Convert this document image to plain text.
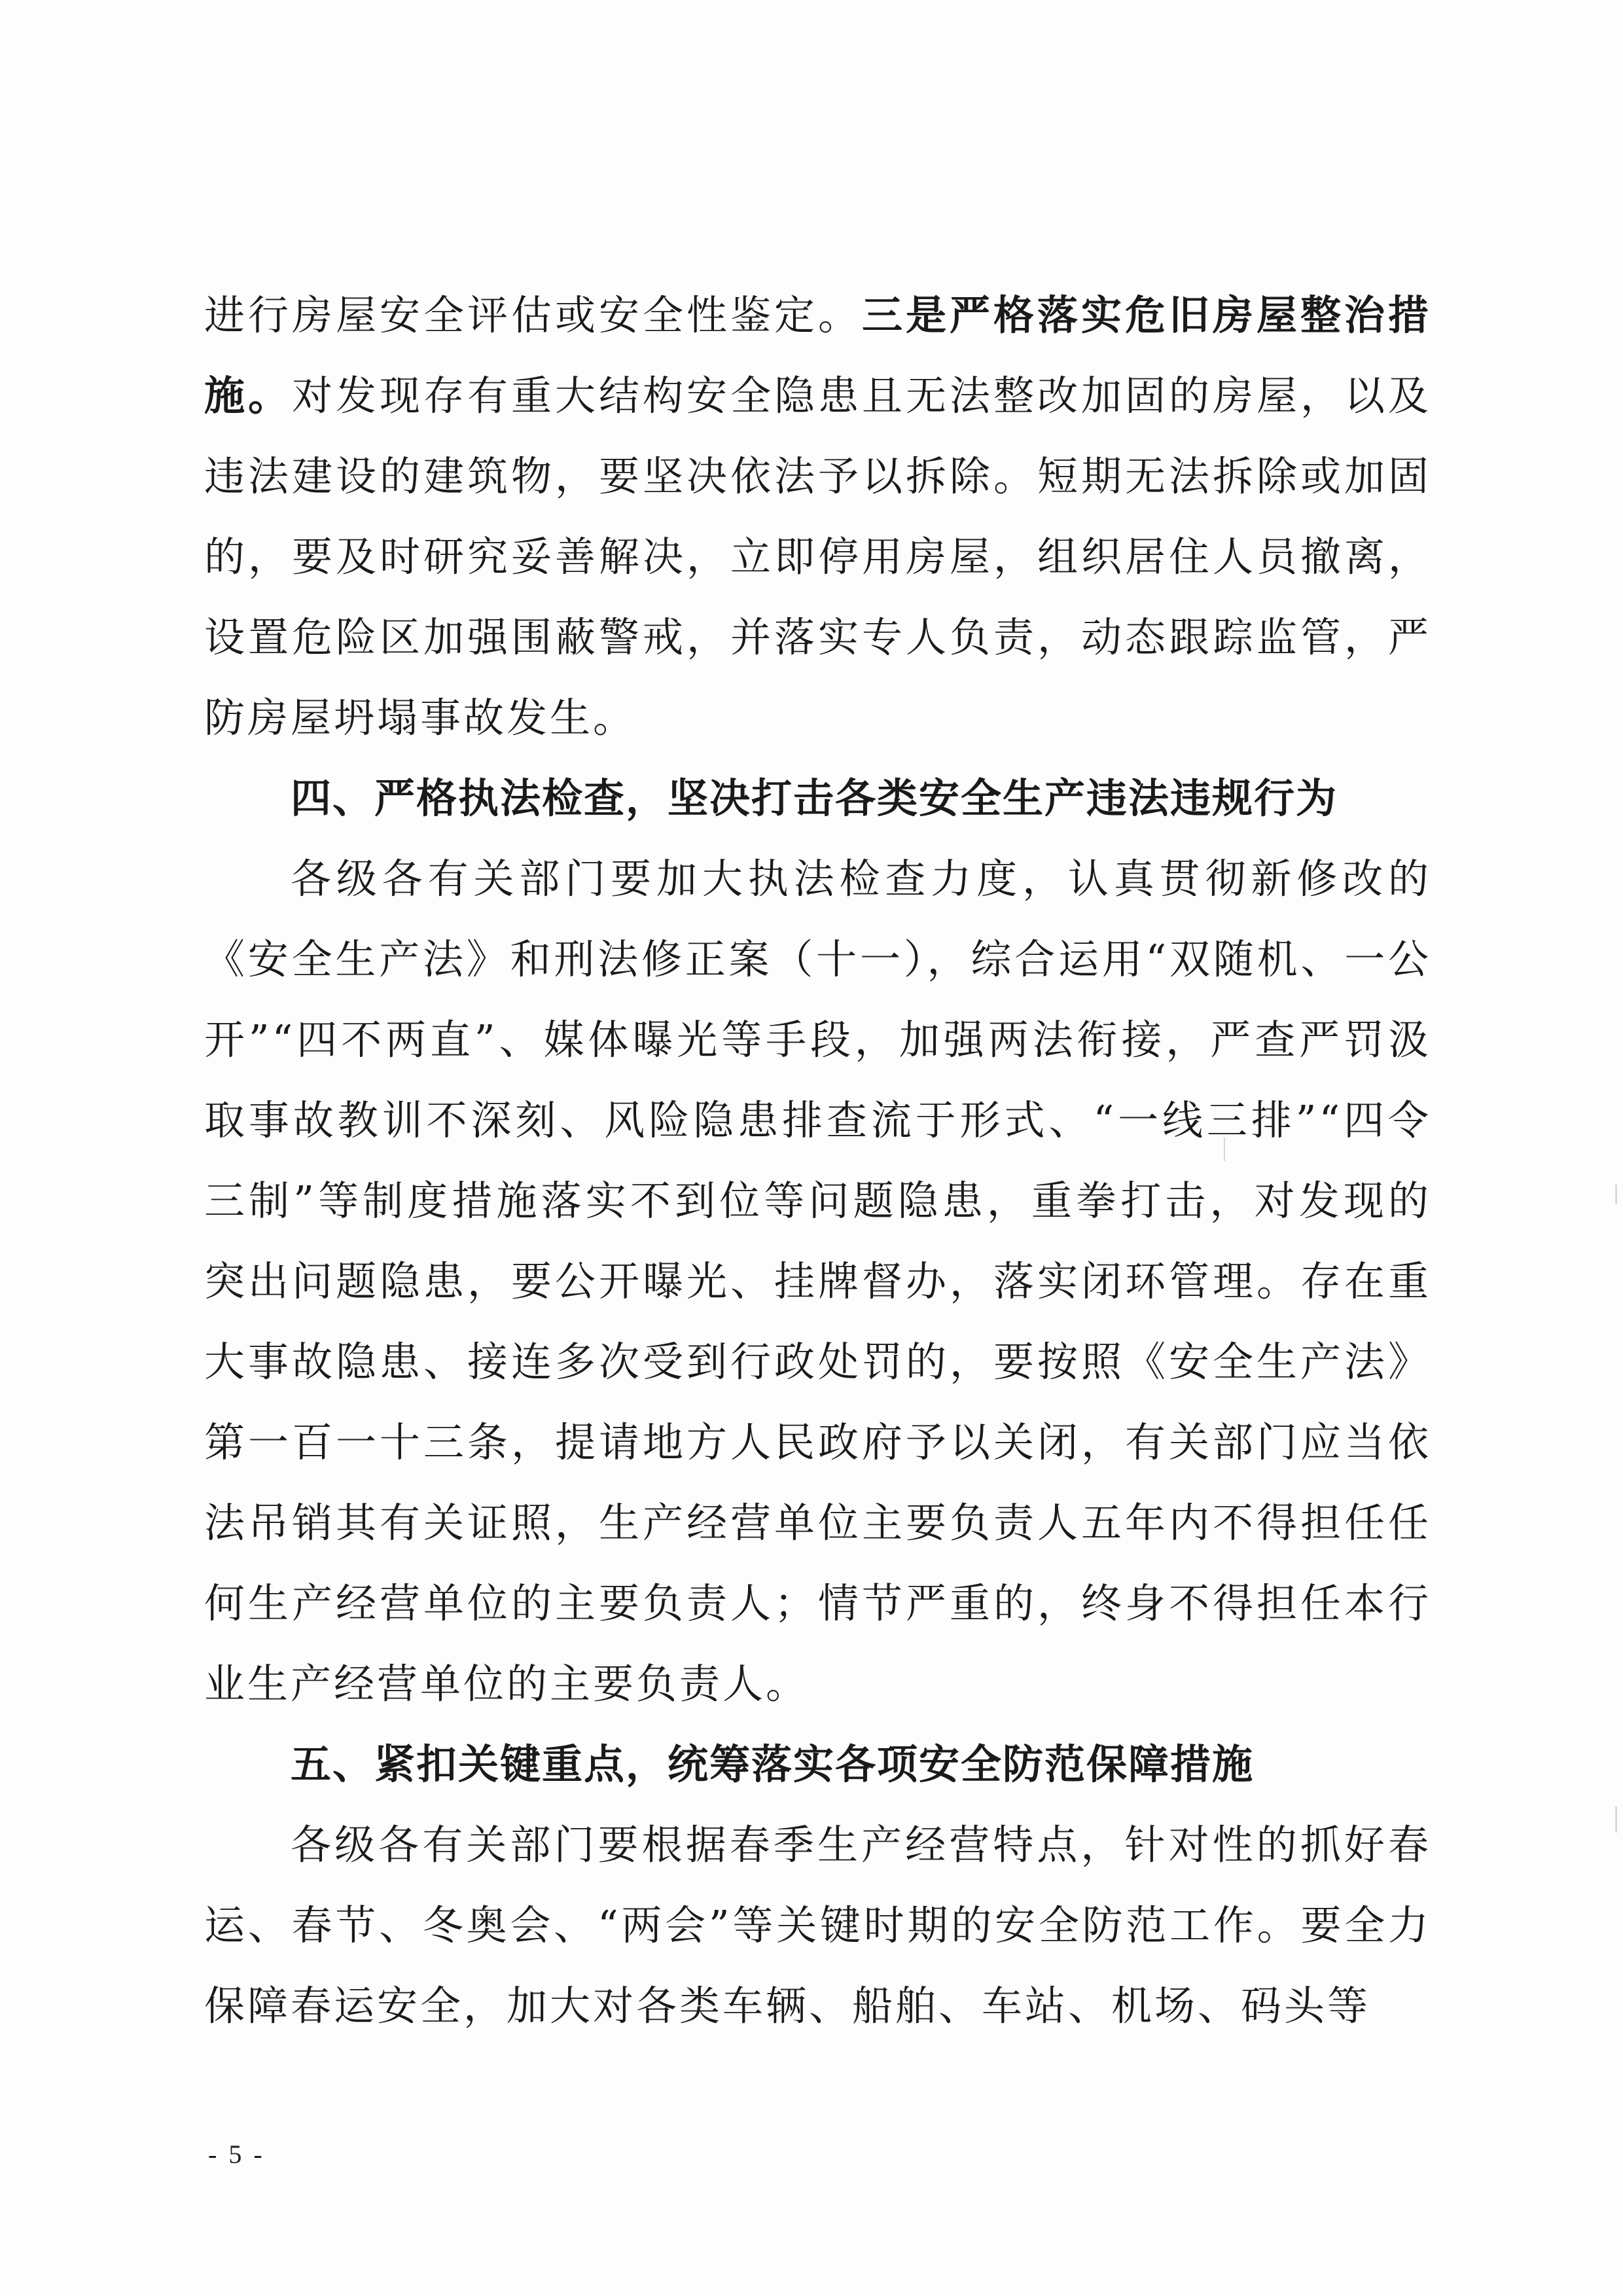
进行房屋安全评估或安全性鉴定。三是严格落实危旧房屋整治措施。对发现存有重大结构安全隐患且无法整改加固的房屋，以及违法建设的建筑物，要坚决依法予以拆除。短期无法拆除或加固的，要及时研究妥善解决，立即停用房屋，组织居住人员撤离，设置危险区加强围蔽警戒，并落实专人负责，动态跟踪监管，严防房屋坍塌事故发生。

四、严格执法检查，坚决打击各类安全生产违法违规行为

各级各有关部门要加大执法检查力度，认真贯彻新修改的《安全生产法》和刑法修正案（十一），综合运用“双随机、一公开”“四不两直”、媒体曝光等手段，加强两法衔接，严查严罚汲取事故教训不深刻、风险隐患排查流于形式、“一线三排”“四令三制”等制度措施落实不到位等问题隐患，重拳打击，对发现的突出问题隐患，要公开曝光、挂牌督办，落实闭环管理。存在重大事故隐患、接连多次受到行政处罚的，要按照《安全生产法》第一百一十三条，提请地方人民政府予以关闭，有关部门应当依法吊销其有关证照，生产经营单位主要负责人五年内不得担任任何生产经营单位的主要负责人；情节严重的，终身不得担任本行业生产经营单位的主要负责人。

五、紧扣关键重点，统筹落实各项安全防范保障措施

各级各有关部门要根据春季生产经营特点，针对性的抓好春运、春节、冬奥会、“两会”等关键时期的安全防范工作。要全力保障春运安全，加大对各类车辆、船舶、车站、机场、码头等

- 5 -
